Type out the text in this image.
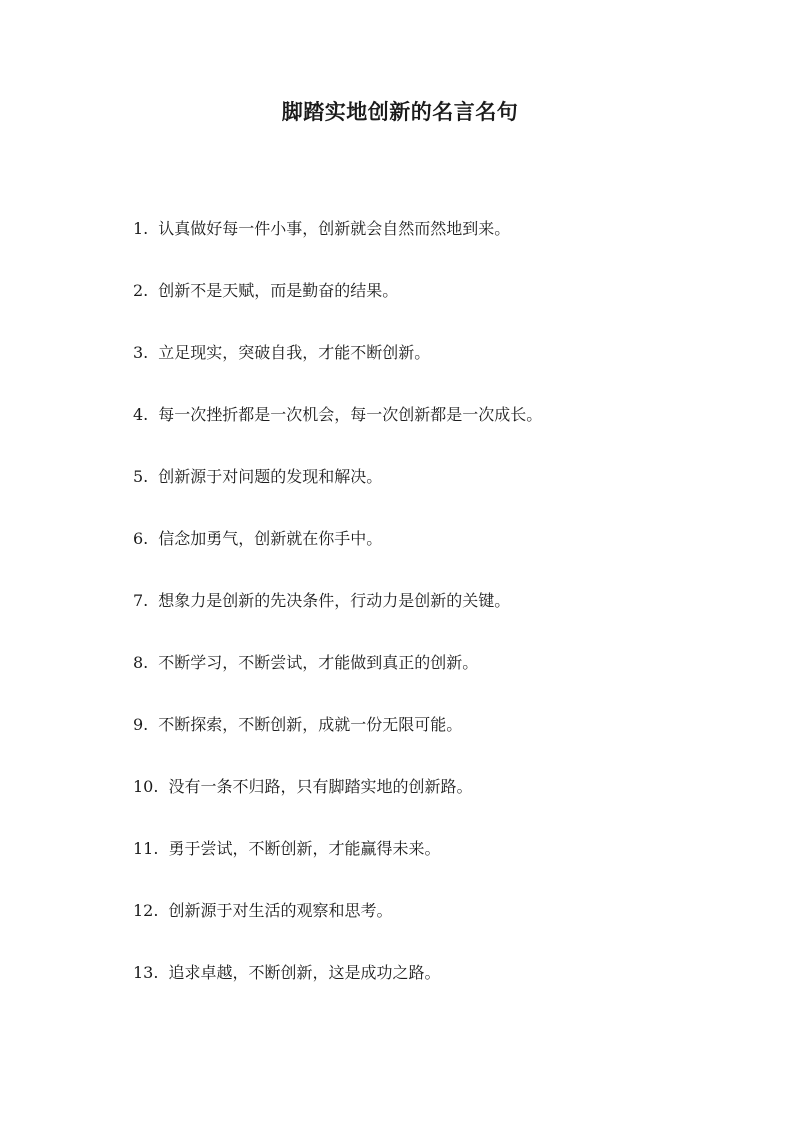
脚踏实地创新的名言名句
1. 认真做好每一件小事，创新就会自然而然地到来。
2. 创新不是天赋，而是勤奋的结果。
3. 立足现实，突破自我，才能不断创新。
4. 每一次挫折都是一次机会，每一次创新都是一次成长。
5. 创新源于对问题的发现和解决。
6. 信念加勇气，创新就在你手中。
7. 想象力是创新的先决条件，行动力是创新的关键。
8. 不断学习，不断尝试，才能做到真正的创新。
9. 不断探索，不断创新，成就一份无限可能。
10. 没有一条不归路，只有脚踏实地的创新路。
11. 勇于尝试，不断创新，才能赢得未来。
12. 创新源于对生活的观察和思考。
13. 追求卓越，不断创新，这是成功之路。
